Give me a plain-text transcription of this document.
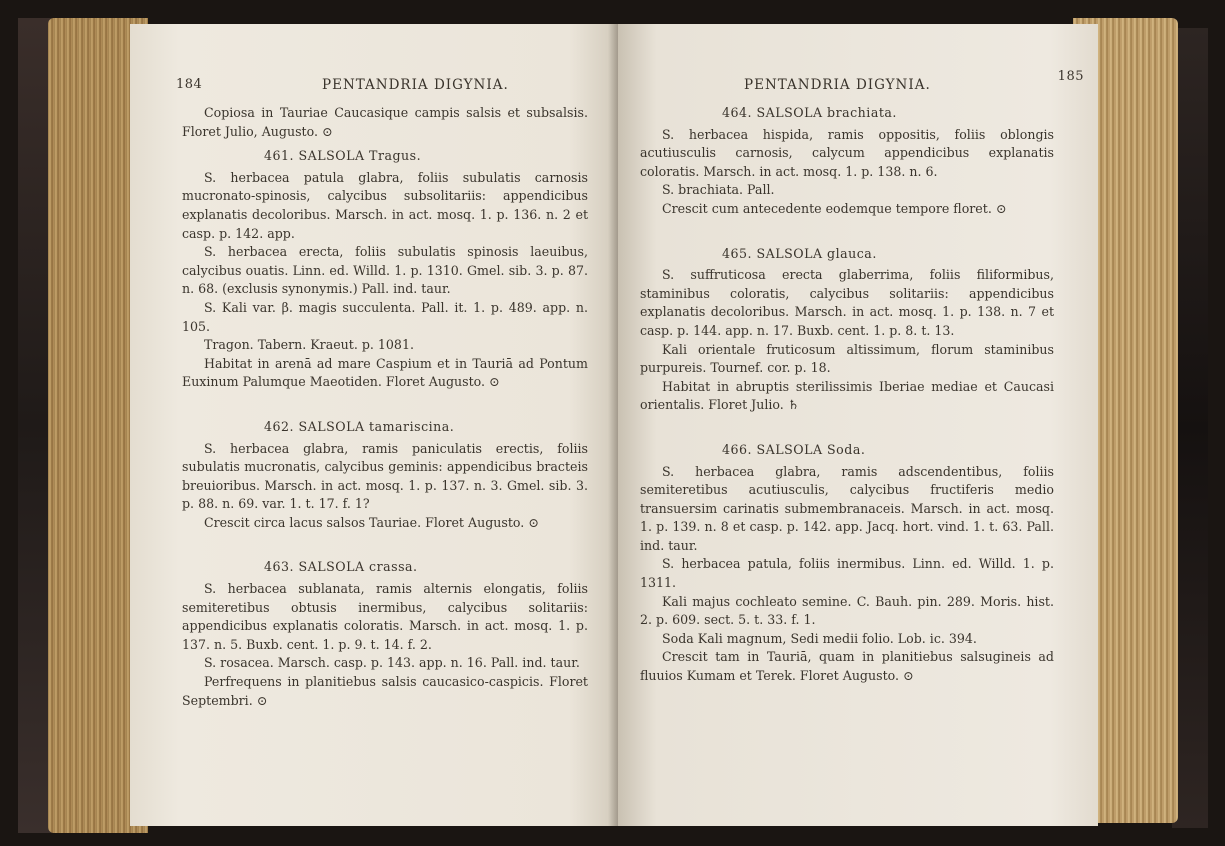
184	PENTANDRIA DIGYNIA.

Copiosa in Tauriae Caucasique campis salsis et subsalsis. Floret Julio, Augusto. ⊙

461. SALSOLA Tragus.

S. herbacea patula glabra, foliis subulatis carnosis mucronato-spinosis, calycibus subsolitariis: appendicibus explanatis decoloribus. Marsch. in act. mosq. 1. p. 136. n. 2 et casp. p. 142. app.

S. herbacea erecta, foliis subulatis spinosis laeuibus, calycibus ouatis. Linn. ed. Willd. 1. p. 1310. Gmel. sib. 3. p. 87. n. 68. (exclusis synonymis.) Pall. ind. taur.

S. Kali var. β. magis succulenta. Pall. it. 1. p. 489. app. n. 105.

Tragon. Tabern. Kraeut. p. 1081.

Habitat in arenā ad mare Caspium et in Tauriā ad Pontum Euxinum Palumque Maeotiden. Floret Augusto. ⊙

462. SALSOLA tamariscina.

S. herbacea glabra, ramis paniculatis erectis, foliis subulatis mucronatis, calycibus geminis: appendicibus bracteis breuioribus. Marsch. in act. mosq. 1. p. 137. n. 3. Gmel. sib. 3. p. 88. n. 69. var. 1. t. 17. f. 1?

Crescit circa lacus salsos Tauriae. Floret Augusto. ⊙

463. SALSOLA crassa.

S. herbacea sublanata, ramis alternis elongatis, foliis semiteretibus obtusis inermibus, calycibus solitariis: appendicibus explanatis coloratis. Marsch. in act. mosq. 1. p. 137. n. 5. Buxb. cent. 1. p. 9. t. 14. f. 2.

S. rosacea. Marsch. casp. p. 143. app. n. 16. Pall. ind. taur.

Perfrequens in planitiebus salsis caucasico-caspicis. Floret Septembri. ⊙

PENTANDRIA DIGYNIA.
185

464. SALSOLA brachiata.

S. herbacea hispida, ramis oppositis, foliis oblongis acutiusculis carnosis, calycum appendicibus explanatis coloratis. Marsch. in act. mosq. 1. p. 138. n. 6.

S. brachiata. Pall.

Crescit cum antecedente eodemque tempore floret. ⊙

465. SALSOLA glauca.

S. suffruticosa erecta glaberrima, foliis filiformibus, staminibus coloratis, calycibus solitariis: appendicibus explanatis decoloribus. Marsch. in act. mosq. 1. p. 138. n. 7 et casp. p. 144. app. n. 17. Buxb. cent. 1. p. 8. t. 13.

Kali orientale fruticosum altissimum, florum staminibus purpureis. Tournef. cor. p. 18.

Habitat in abruptis sterilissimis Iberiae mediae et Caucasi orientalis. Floret Julio. ♄

466. SALSOLA Soda.

S. herbacea glabra, ramis adscendentibus, foliis semiteretibus acutiusculis, calycibus fructiferis medio transuersim carinatis submembranaceis. Marsch. in act. mosq. 1. p. 139. n. 8 et casp. p. 142. app. Jacq. hort. vind. 1. t. 63. Pall. ind. taur.

S. herbacea patula, foliis inermibus. Linn. ed. Willd. 1. p. 1311.

Kali majus cochleato semine. C. Bauh. pin. 289. Moris. hist. 2. p. 609. sect. 5. t. 33. f. 1.

Soda Kali magnum, Sedi medii folio. Lob. ic. 394.

Crescit tam in Tauriā, quam in planitiebus salsugineis ad fluuios Kumam et Terek. Floret Augusto. ⊙
